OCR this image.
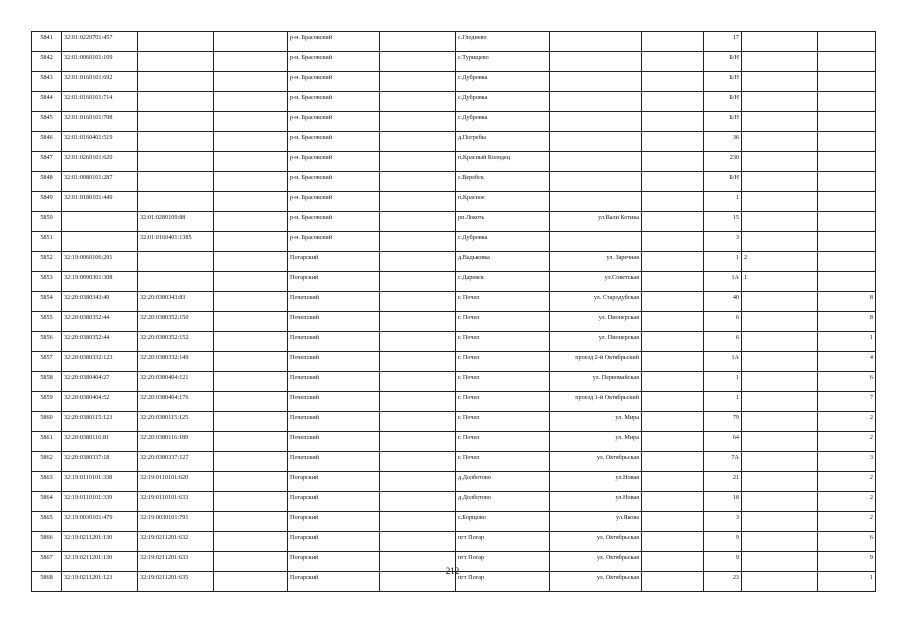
5841	32:01:0220701:457			р-н. Брасовский		с.Глоднево			17		
5842	32:01:0060101:109			р-н. Брасовский		с.Турищево			Б/Н		
5843	32:01:0160101:692			р-н. Брасовский		с.Дубровка			Б/Н		
5844	32:01:0160101:714			р-н. Брасовский		с.Дубровка			Б/Н		
5845	32:01:0160101:708			р-н. Брасовский		с.Дубровка			Б/Н		
5846	32:01:0160401:519			р-н. Брасовский		д.Погребы			36		
5847	32:01:0260101:620			р-н. Брасовский		п.Красный Колодец			230		
5848	32:01:0080101:287			р-н. Брасовский		с.Веребск			Б/Н		
5849	32:01:0180101:449			р-н. Брасовский		п.Красное			1		
5850		32:01:0280109:88		р-н. Брасовский		рп.Локоть	ул.Вали Котика		15		
5851		32:01:0160401:1385		р-н. Брасовский		с.Дубровка			3		
5852	32:19:0060106:291			Погарский		д.Вадьковка	ул. Заречная		1	2	
5853	32:19:0090301:308			Погарский		с.Даревск	ул.Советская		1А	1	
5854	32:20:0380343:49	32:20:0380343:83		Почепский		г. Почеп	ул. Стародубская		40		8
5855	32:20:0380352:44	32:20:0380352:150		Почепский		г. Почеп	ул. Пионерская		6		8
5856	32:20:0380352:44	32:20:0380352:152		Почепский		г. Почеп	ул. Пионерская		6		1
5857	32:20:0380332:123	32:20:0380332:149		Почепский		г. Почеп	проезд 2-й Октябрьский		1А		4
5858	32:20:0380404:27	32:20:0380404:121		Почепский		г. Почеп	ул. Первомайская		1		6
5859	32:20:0380404:52	32:20:0380404:176		Почепский		г. Почеп	проезд 1-й Октябрьский		1		7
5860	32:20:0380115:123	32:20:0380115:125		Почепский		г. Почеп	ул. Мира		79		2
5861	32:20:0380116:81	32:20:0380116:189		Почепский		г. Почеп	ул. Мира		64		2
5862	32:20:0380337:18	32:20:0380337:127		Почепский		г. Почеп	ул. Октябрьская		7А		3
5863	32:19:0110101:338	32:19:0110101:620		Погарский		д.Долботово	ул.Новая		21		2
5864	32:19:0110101:339	32:19:0110101:633		Погарский		д.Долботово	ул.Новая		18		2
5865	32:19:0030101:479	32:19:0030101:791		Погарский		с.Борщово	ул.Якова		3		2
5866	32:19:0211201:130	32:19:0211201:632		Погарский		пгт Погар	ул. Октябрьская		9		6
5867	32:19:0211201:130	32:19:0211201:633		Погарский		пгт Погар	ул. Октябрьская		9		9
5868	32:19:0211201:123	32:19:0211201:635		Погарский		пгт Погар	ул. Октябрьская		23		1
212
